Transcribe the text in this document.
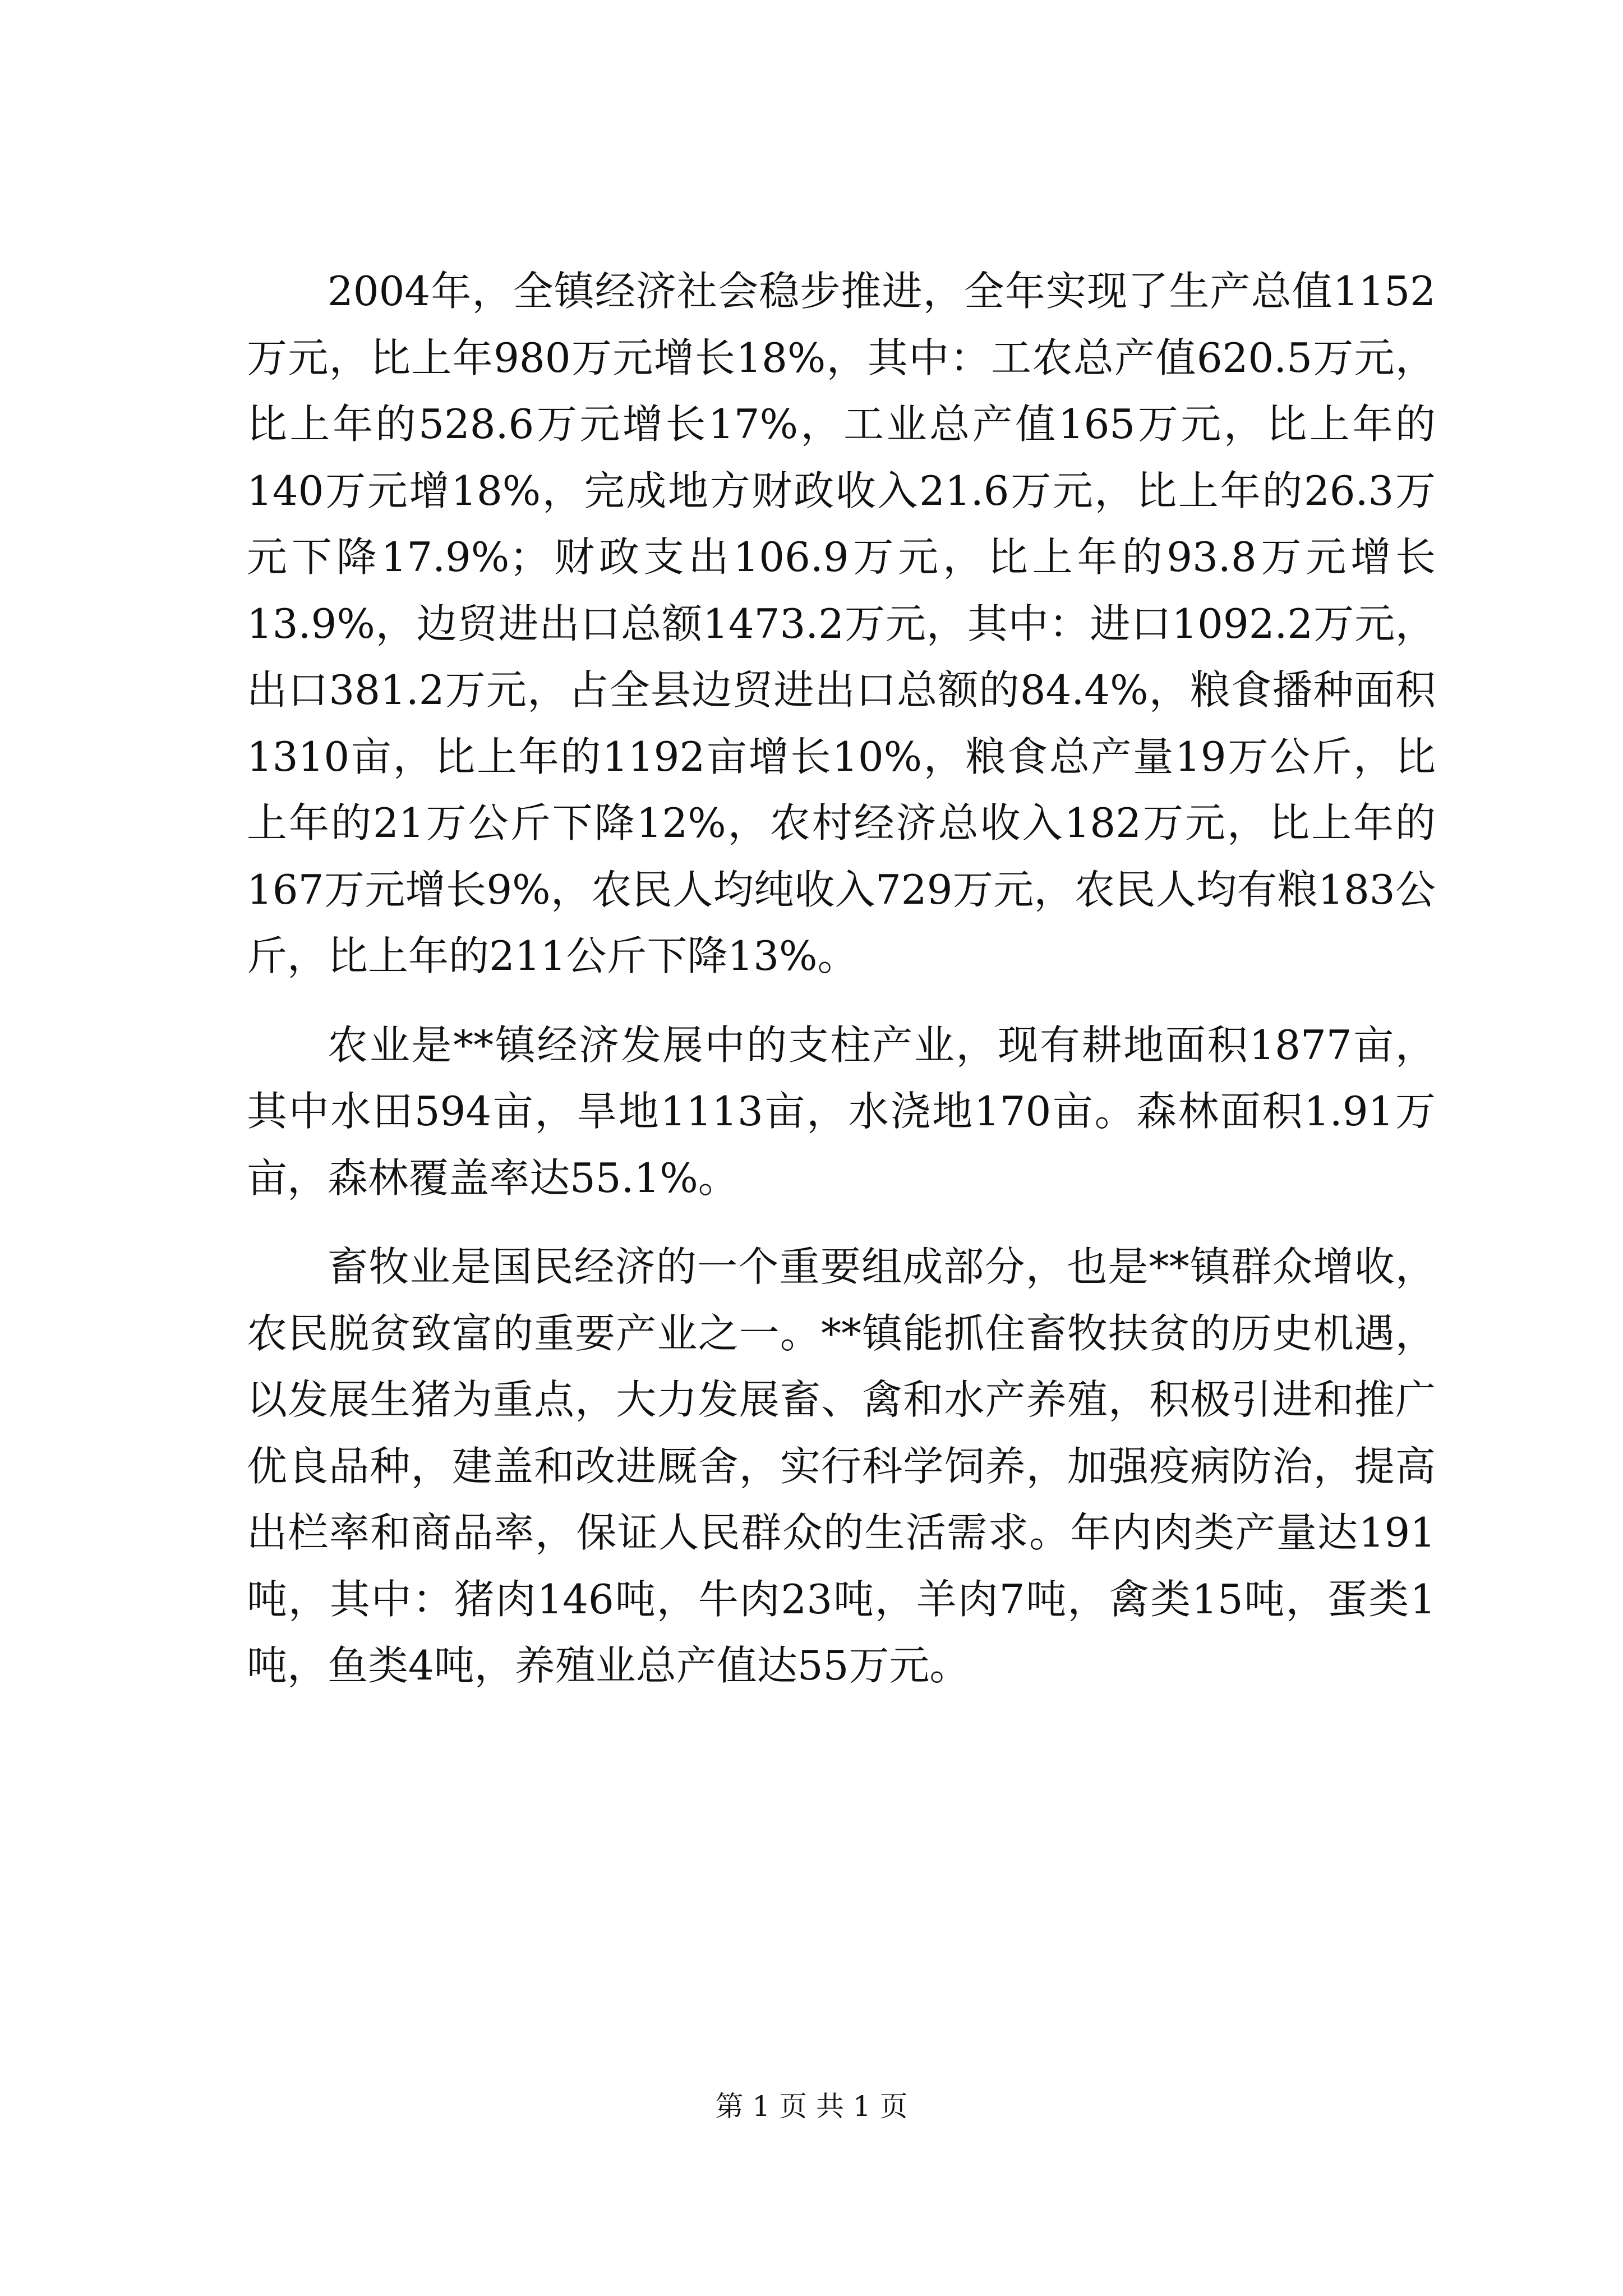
2004年，全镇经济社会稳步推进，全年实现了生产总值1152万元，比上年980万元增长18%，其中：工农总产值620.5万元，比上年的528.6万元增长17%，工业总产值165万元，比上年的140万元增18%，完成地方财政收入21.6万元，比上年的26.3万元下降17.9%；财政支出106.9万元，比上年的93.8万元增长13.9%，边贸进出口总额1473.2万元，其中：进口1092.2万元，出口381.2万元，占全县边贸进出口总额的84.4%，粮食播种面积1310亩，比上年的1192亩增长10%，粮食总产量19万公斤，比上年的21万公斤下降12%，农村经济总收入182万元，比上年的167万元增长9%，农民人均纯收入729万元，农民人均有粮183公斤，比上年的211公斤下降13%。

农业是**镇经济发展中的支柱产业，现有耕地面积1877亩，其中水田594亩，旱地1113亩，水浇地170亩。森林面积1.91万亩，森林覆盖率达55.1%。

畜牧业是国民经济的一个重要组成部分，也是**镇群众增收，农民脱贫致富的重要产业之一。**镇能抓住畜牧扶贫的历史机遇，以发展生猪为重点，大力发展畜、禽和水产养殖，积极引进和推广优良品种，建盖和改进厩舍，实行科学饲养，加强疫病防治，提高出栏率和商品率，保证人民群众的生活需求。年内肉类产量达191吨，其中：猪肉146吨，牛肉23吨，羊肉7吨，禽类15吨，蛋类1吨，鱼类4吨，养殖业总产值达55万元。

第 1 页 共 1 页
